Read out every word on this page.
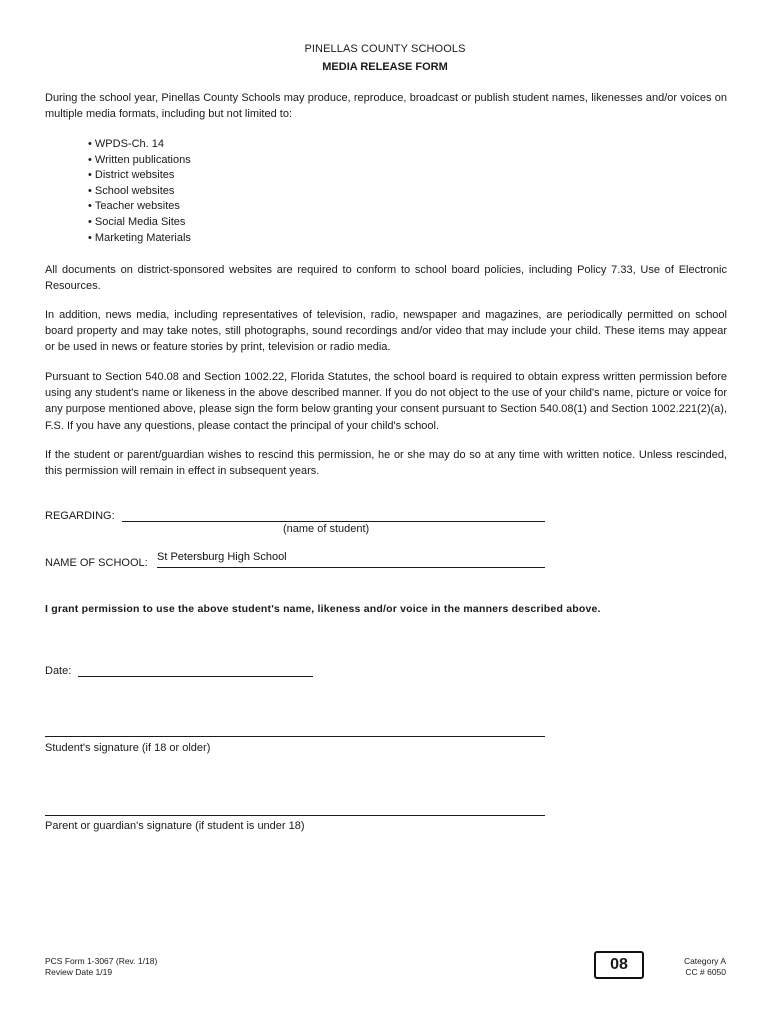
PINELLAS COUNTY SCHOOLS
MEDIA RELEASE FORM
During the school year, Pinellas County Schools may produce, reproduce, broadcast or publish student names, likenesses and/or voices on multiple media formats, including but not limited to:
• WPDS-Ch. 14
• Written publications
• District websites
• School websites
• Teacher websites
• Social Media Sites
• Marketing Materials
All documents on district-sponsored websites are required to conform to school board policies, including Policy 7.33, Use of Electronic Resources.
In addition, news media, including representatives of television, radio, newspaper and magazines, are periodically permitted on school board property and may take notes, still photographs, sound recordings and/or video that may include your child. These items may appear or be used in news or feature stories by print, television or radio media.
Pursuant to Section 540.08 and Section 1002.22, Florida Statutes, the school board is required to obtain express written permission before using any student's name or likeness in the above described manner. If you do not object to the use of your child's name, picture or voice for any purpose mentioned above, please sign the form below granting your consent pursuant to Section 540.08(1) and Section 1002.221(2)(a), F.S. If you have any questions, please contact the principal of your child's school.
If the student or parent/guardian wishes to rescind this permission, he or she may do so at any time with written notice. Unless rescinded, this permission will remain in effect in subsequent years.
REGARDING:
(name of student)
NAME OF SCHOOL: St Petersburg High School
I grant permission to use the above student's name, likeness and/or voice in the manners described above.
Date:
Student's signature (if 18 or older)
Parent or guardian's signature (if student is under 18)
PCS Form 1-3067 (Rev. 1/18)
Review Date 1/19	08	Category A
CC # 6050
